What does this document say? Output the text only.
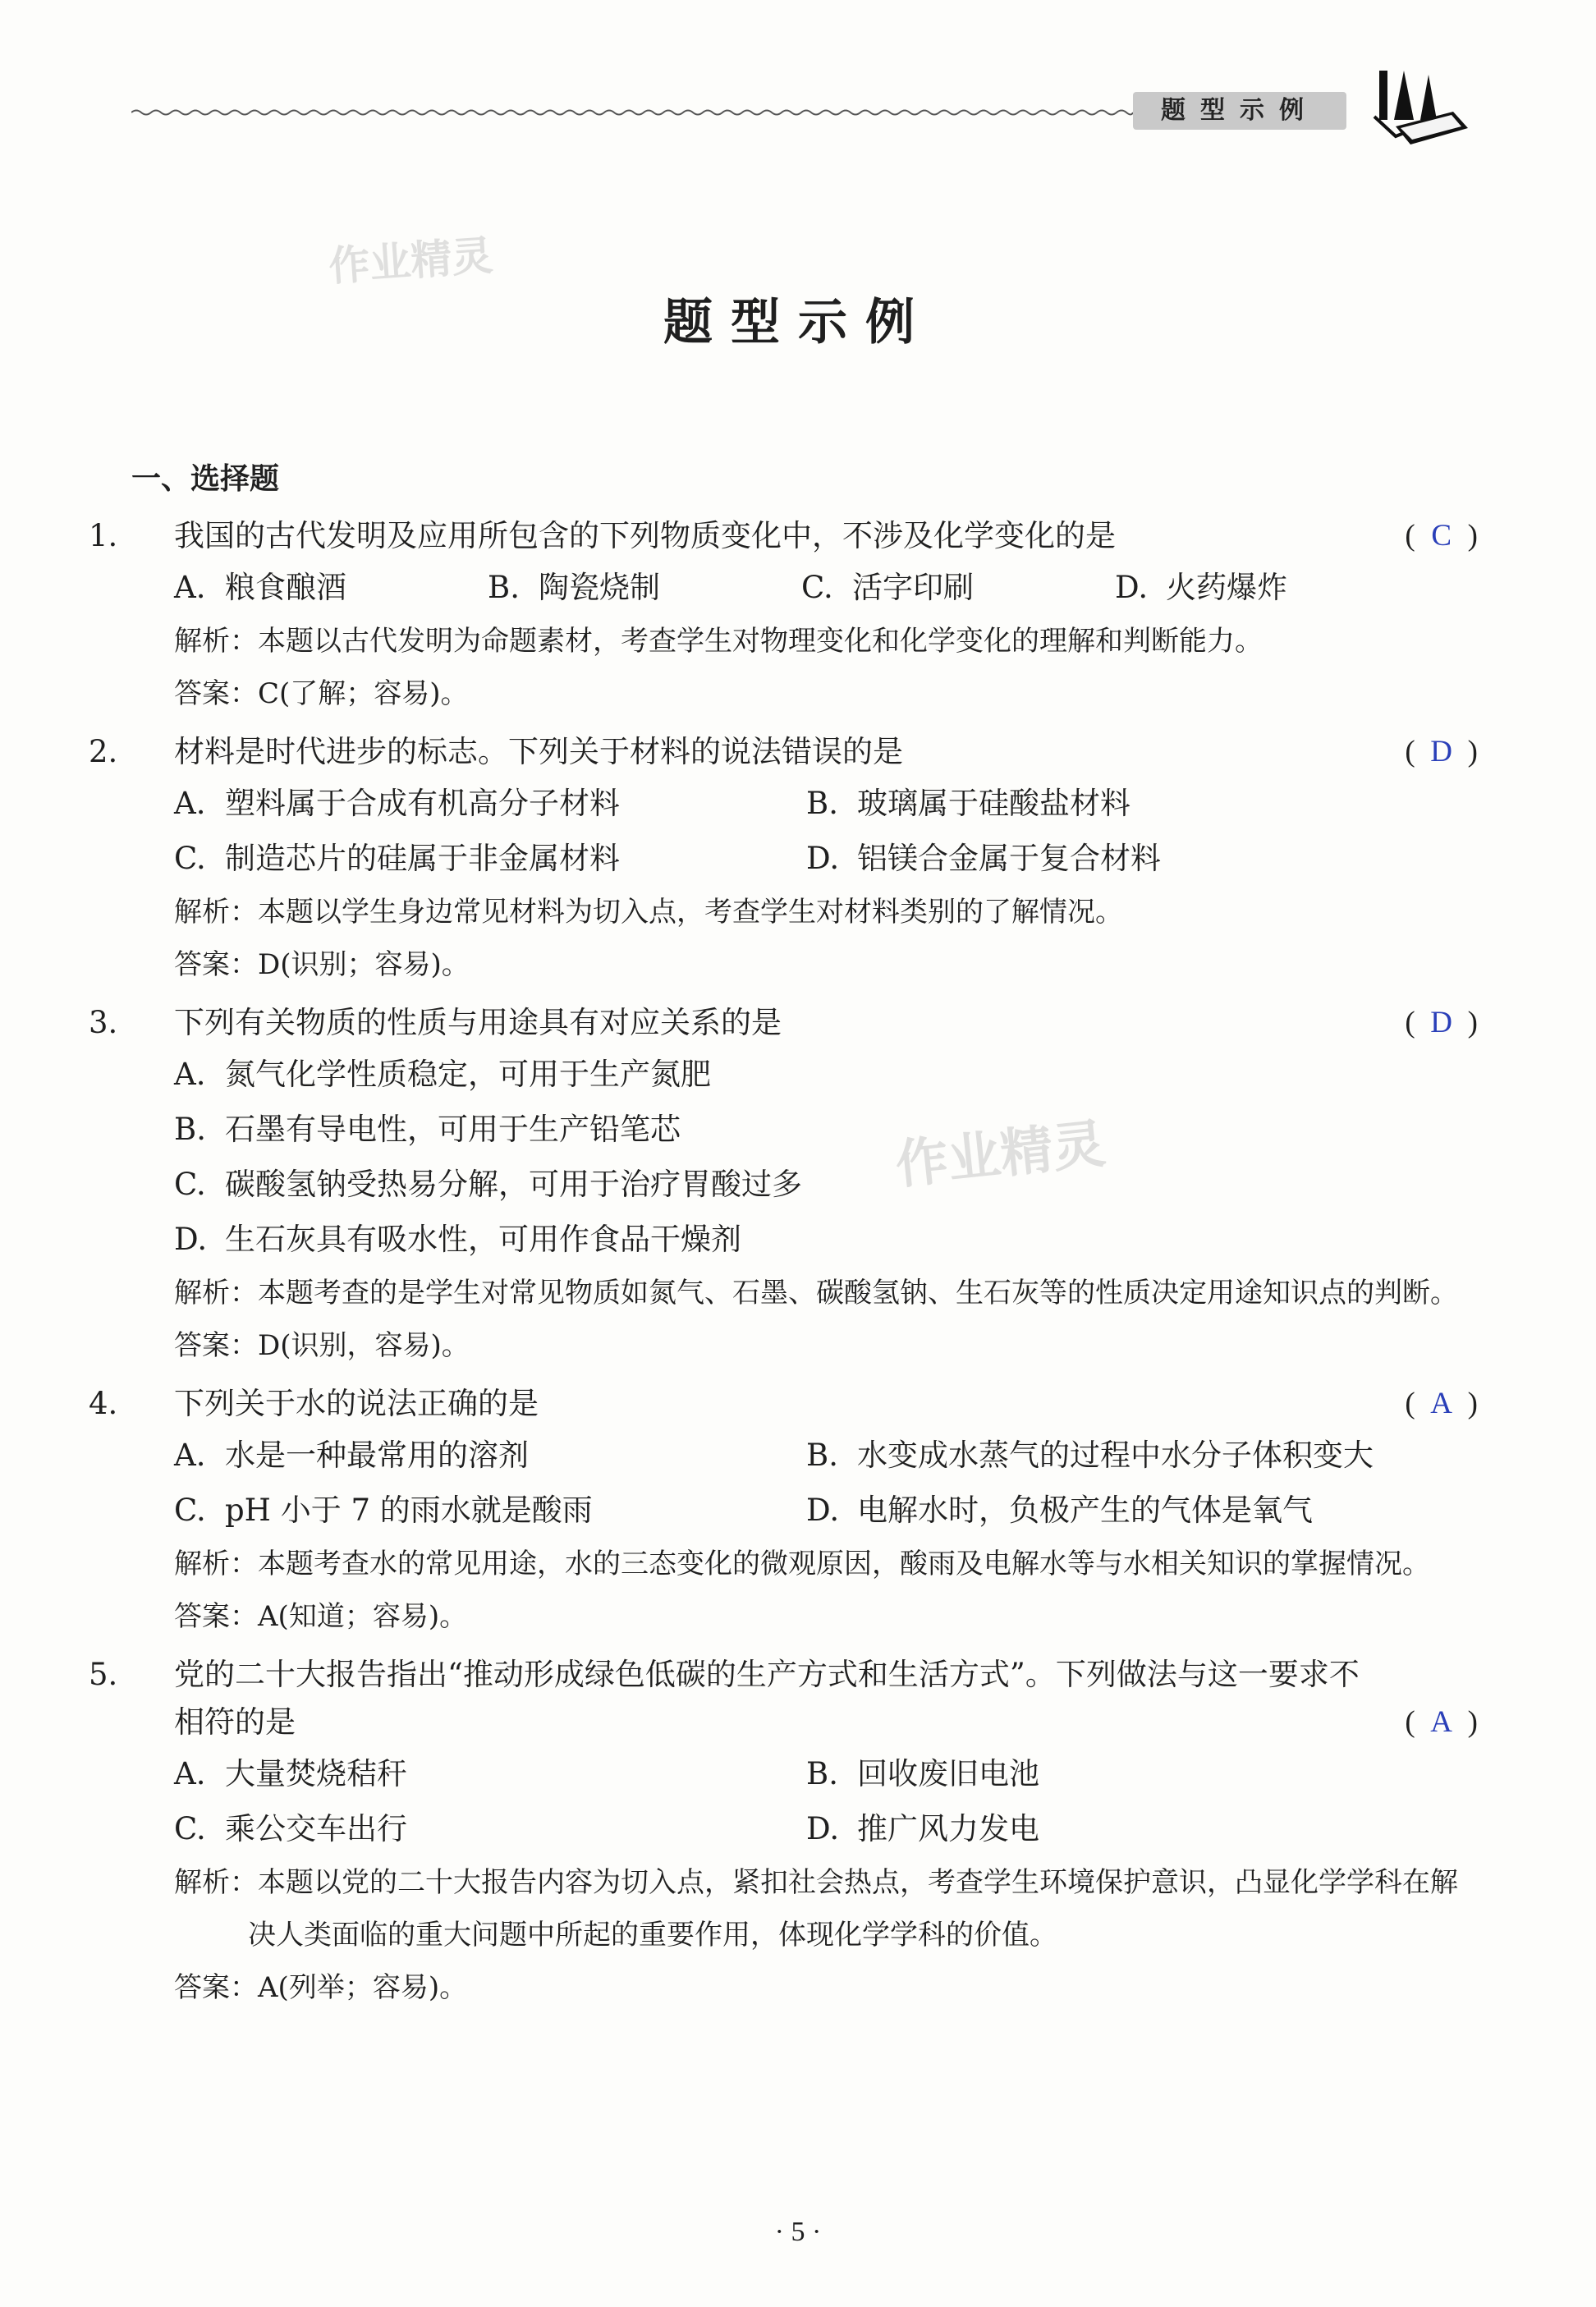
题型示例
作业精灵
作业精灵
题型示例
一、选择题
1. 我国的古代发明及应用所包含的下列物质变化中，不涉及化学变化的是	( C )
A. 粮食酿酒	B. 陶瓷烧制	C. 活字印刷	D. 火药爆炸
解析：本题以古代发明为命题素材，考查学生对物理变化和化学变化的理解和判断能力。
答案：C(了解；容易)。
2. 材料是时代进步的标志。下列关于材料的说法错误的是	( D )
A. 塑料属于合成有机高分子材料	B. 玻璃属于硅酸盐材料
C. 制造芯片的硅属于非金属材料	D. 铝镁合金属于复合材料
解析：本题以学生身边常见材料为切入点，考查学生对材料类别的了解情况。
答案：D(识别；容易)。
3. 下列有关物质的性质与用途具有对应关系的是	( D )
A. 氮气化学性质稳定，可用于生产氮肥
B. 石墨有导电性，可用于生产铅笔芯
C. 碳酸氢钠受热易分解，可用于治疗胃酸过多
D. 生石灰具有吸水性，可用作食品干燥剂
解析：本题考查的是学生对常见物质如氮气、石墨、碳酸氢钠、生石灰等的性质决定用途知识点的判断。
答案：D(识别，容易)。
4. 下列关于水的说法正确的是	( A )
A. 水是一种最常用的溶剂	B. 水变成水蒸气的过程中水分子体积变大
C. pH 小于 7 的雨水就是酸雨	D. 电解水时，负极产生的气体是氧气
解析：本题考查水的常见用途，水的三态变化的微观原因，酸雨及电解水等与水相关知识的掌握情况。
答案：A(知道；容易)。
5. 党的二十大报告指出“推动形成绿色低碳的生产方式和生活方式”。下列做法与这一要求不相符的是	( A )
A. 大量焚烧秸秆	B. 回收废旧电池
C. 乘公交车出行	D. 推广风力发电
解析：本题以党的二十大报告内容为切入点，紧扣社会热点，考查学生环境保护意识，凸显化学学科在解决人类面临的重大问题中所起的重要作用，体现化学学科的价值。
答案：A(列举；容易)。
· 5 ·
